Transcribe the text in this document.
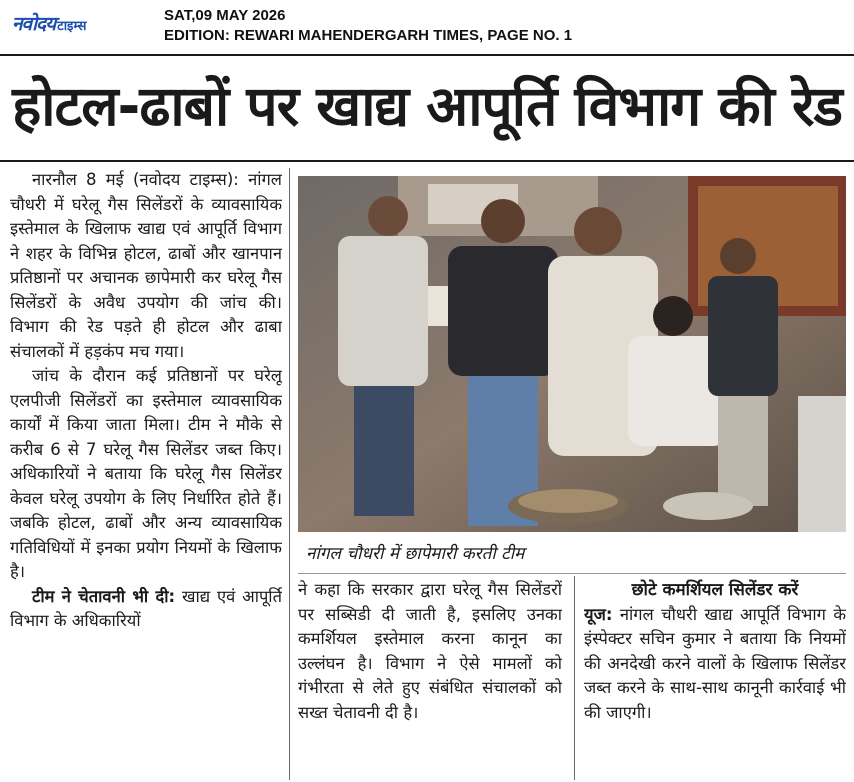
नवोदय टाइम्स
SAT,09 MAY 2026
EDITION: REWARI MAHENDERGARH TIMES, PAGE NO. 1
होटल-ढाबों पर खाद्य आपूर्ति विभाग की रेड

नारनौल 8 मई (नवोदय टाइम्स): नांगल चौधरी में घरेलू गैस सिलेंडरों के व्यावसायिक इस्तेमाल के खिलाफ खाद्य एवं आपूर्ति विभाग ने शहर के विभिन्न होटल, ढाबों और खानपान प्रतिष्ठानों पर अचानक छापेमारी कर घरेलू गैस सिलेंडरों के अवैध उपयोग की जांच की। विभाग की रेड पड़ते ही होटल और ढाबा संचालकों में हड़कंप मच गया।

जांच के दौरान कई प्रतिष्ठानों पर घरेलू एलपीजी सिलेंडरों का इस्तेमाल व्यावसायिक कार्यों में किया जाता मिला। टीम ने मौके से करीब 6 से 7 घरेलू गैस सिलेंडर जब्त किए। अधिकारियों ने बताया कि घरेलू गैस सिलेंडर केवल घरेलू उपयोग के लिए निर्धारित होते हैं। जबकि होटल, ढाबों और अन्य व्यावसायिक गतिविधियों में इनका प्रयोग नियमों के खिलाफ है।

टीम ने चेतावनी भी दी: खाद्य एवं आपूर्ति विभाग के अधिकारियों

नांगल चौधरी में छापेमारी करती टीम

ने कहा कि सरकार द्वारा घरेलू गैस सिलेंडरों पर सब्सिडी दी जाती है, इसलिए उनका कमर्शियल इस्तेमाल करना कानून का उल्लंघन है। विभाग ने ऐसे मामलों को गंभीरता से लेते हुए संबंधित संचालकों को सख्त चेतावनी दी है।

छोटे कमर्शियल सिलेंडर करें

यूज: नांगल चौधरी खाद्य आपूर्ति विभाग के इंस्पेक्टर सचिन कुमार ने बताया कि नियमों की अनदेखी करने वालों के खिलाफ सिलेंडर जब्त करने के साथ-साथ कानूनी कार्रवाई भी की जाएगी।
